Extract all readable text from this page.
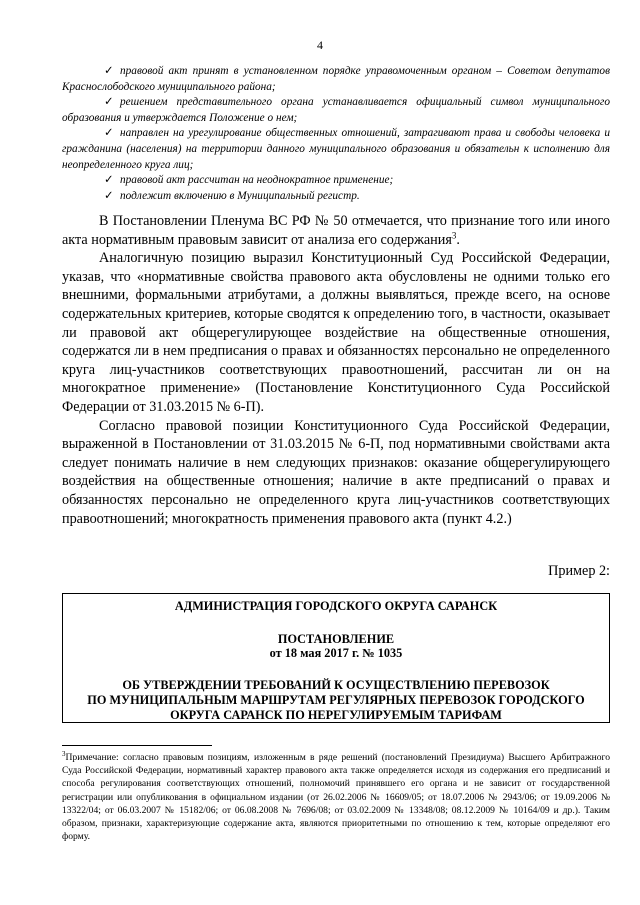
4

✓ правовой акт принят в установленном порядке управомоченным органом – Советом депутатов Краснослободского муниципального района;

✓ решением представительного органа устанавливается официальный символ муниципального образования и утверждается Положение о нем;

✓ направлен на урегулирование общественных отношений, затрагивают права и свободы человека и гражданина (населения) на территории данного муниципального образования и обязательн к исполнению для неопределенного круга лиц;

✓ правовой акт рассчитан на неоднократное применение;

✓ подлежит включению в Муниципальный регистр.

В Постановлении Пленума ВС РФ № 50 отмечается, что признание того или иного акта нормативным правовым зависит от анализа его содержания$^3$.

Аналогичную позицию выразил Конституционный Суд Российской Федерации, указав, что «нормативные свойства правового акта обусловлены не одними только его внешними, формальными атрибутами, а должны выявляться, прежде всего, на основе содержательных критериев, которые сводятся к определению того, в частности, оказывает ли правовой акт общерегулирующее воздействие на общественные отношения, содержатся ли в нем предписания о правах и обязанностях персонально не определенного круга лиц-участников соответствующих правоотношений, рассчитан ли он на многократное применение» (Постановление Конституционного Суда Российской Федерации от 31.03.2015 № 6-П).

Согласно правовой позиции Конституционного Суда Российской Федерации, выраженной в Постановлении от 31.03.2015 № 6-П, под нормативными свойствами акта следует понимать наличие в нем следующих признаков: оказание общерегулирующего воздействия на общественные отношения; наличие в акте предписаний о правах и обязанностях персонально не определенного круга лиц-участников соответствующих правоотношений; многократность применения правового акта (пункт 4.2.)

Пример 2:
АДМИНИСТРАЦИЯ ГОРОДСКОГО ОКРУГА САРАНСК
ПОСТАНОВЛЕНИЕ
от 18 мая 2017 г. № 1035
ОБ УТВЕРЖДЕНИИ ТРЕБОВАНИЙ К ОСУЩЕСТВЛЕНИЮ ПЕРЕВОЗОК
ПО МУНИЦИПАЛЬНЫМ МАРШРУТАМ РЕГУЛЯРНЫХ ПЕРЕВОЗОК ГОРОДСКОГО
ОКРУГА САРАНСК ПО НЕРЕГУЛИРУЕМЫМ ТАРИФАМ
$^3$Примечание: согласно правовым позициям, изложенным в ряде решений (постановлений Президиума) Высшего Арбитражного Суда Российской Федерации, нормативный характер правового акта также определяется исходя из содержания его предписаний и способа регулирования соответствующих отношений, полномочий принявшего его органа и не зависит от государственной регистрации или опубликования в официальном издании (от 26.02.2006 № 16609/05; от 18.07.2006 № 2943/06; от 19.09.2006 № 13322/04; от 06.03.2007 № 15182/06; от 06.08.2008 № 7696/08; от 03.02.2009 № 13348/08; 08.12.2009 № 10164/09 и др.). Таким образом, признаки, характеризующие содержание акта, являются приоритетными по отношению к тем, которые определяют его форму.
